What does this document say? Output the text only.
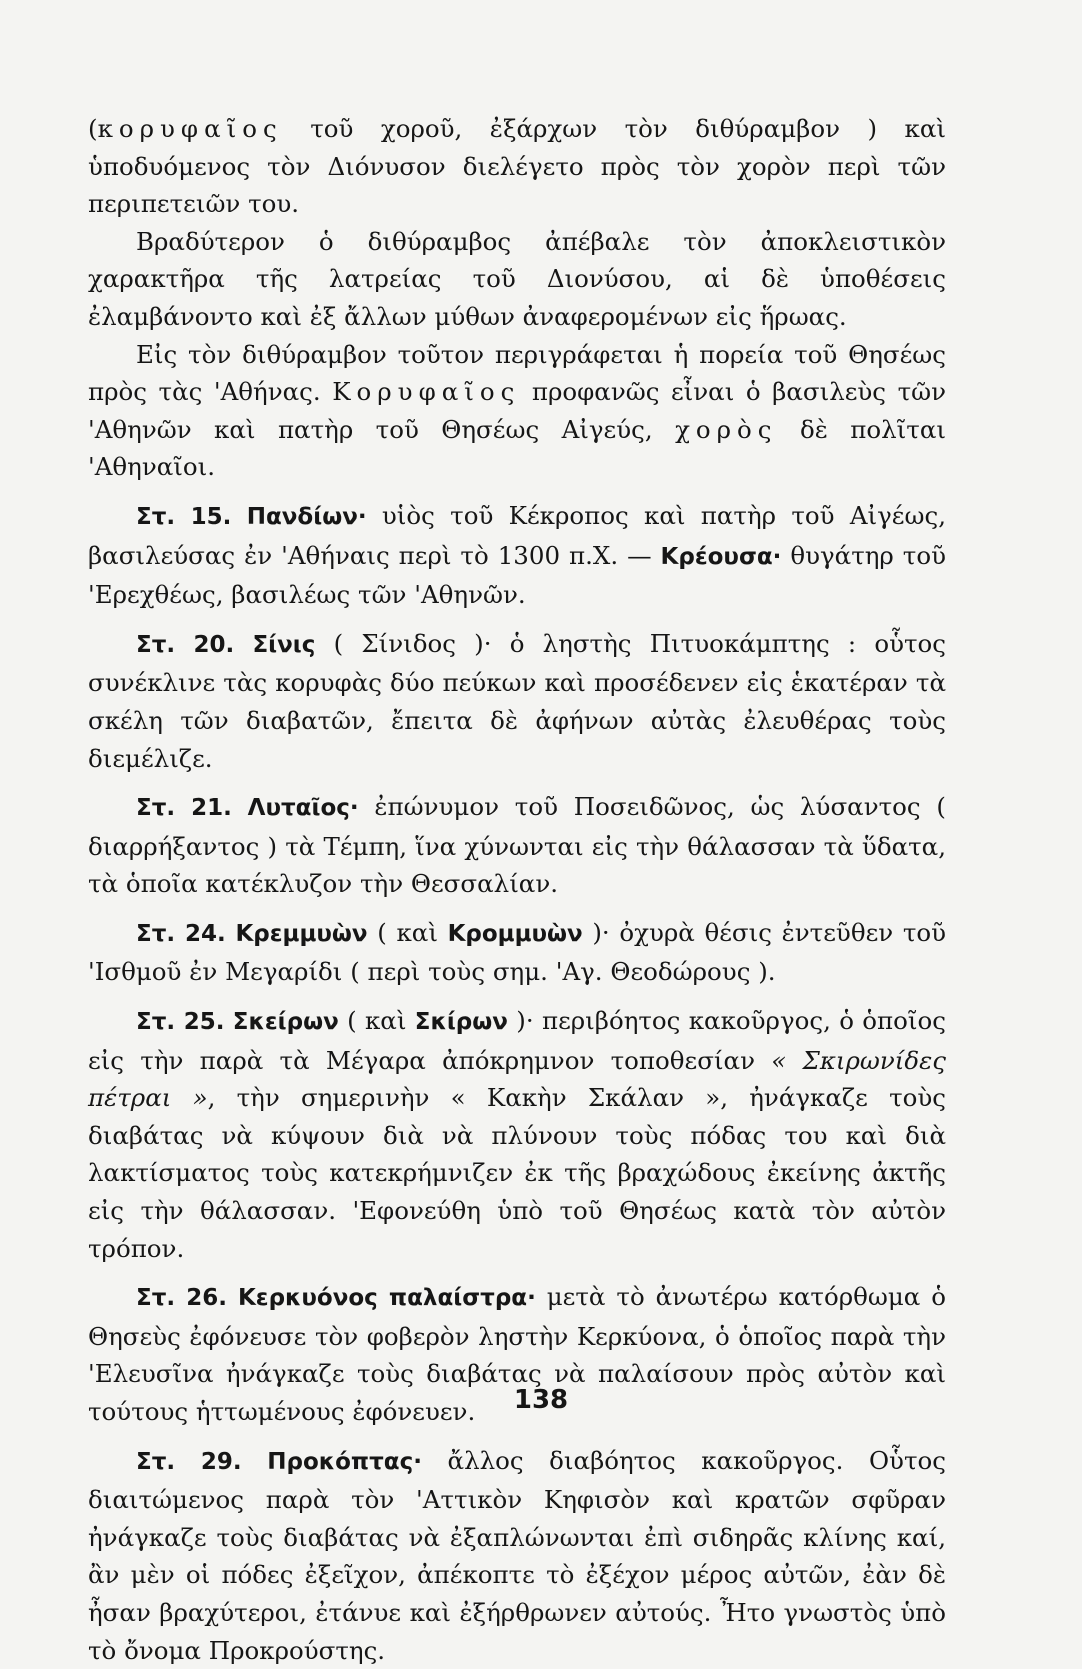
(κορυφαῖος τοῦ χοροῦ, ἐξάρχων τὸν διθύραμβον ) καὶ ὑποδυόμενος τὸν Διόνυσον διελέγετο πρὸς τὸν χορὸν περὶ τῶν περιπετειῶν του.

Βραδύτερον ὁ διθύραμβος ἀπέβαλε τὸν ἀποκλειστικὸν χαρακτῆρα τῆς λατρείας τοῦ Διονύσου, αἱ δὲ ὑποθέσεις ἐλαμβάνοντο καὶ ἐξ ἄλλων μύθων ἀναφερομένων εἰς ἥρωας.

Εἰς τὸν διθύραμβον τοῦτον περιγράφεται ἡ πορεία τοῦ Θησέως πρὸς τὰς 'Αθήνας. Κορυφαῖος προφανῶς εἶναι ὁ βασιλεὺς τῶν 'Αθηνῶν καὶ πατὴρ τοῦ Θησέως Αἰγεύς, χορὸς δὲ πολῖται 'Αθηναῖοι.

Στ. 15. Πανδίων· υἱὸς τοῦ Κέκροπος καὶ πατὴρ τοῦ Αἰγέως, βασιλεύσας ἐν 'Αθήναις περὶ τὸ 1300 π.Χ. — Κρέουσα· θυγάτηρ τοῦ 'Ερεχθέως, βασιλέως τῶν 'Αθηνῶν.

Στ. 20. Σίνις ( Σίνιδος )· ὁ ληστὴς Πιτυοκάμπτης : οὗτος συνέκλινε τὰς κορυφὰς δύο πεύκων καὶ προσέδενεν εἰς ἑκατέραν τὰ σκέλη τῶν διαβατῶν, ἔπειτα δὲ ἀφήνων αὐτὰς ἐλευθέρας τοὺς διεμέλιζε.

Στ. 21. Λυταῖος· ἐπώνυμον τοῦ Ποσειδῶνος, ὡς λύσαντος ( διαρρήξαντος ) τὰ Τέμπη, ἵνα χύνωνται εἰς τὴν θάλασσαν τὰ ὕδατα, τὰ ὁποῖα κατέκλυζον τὴν Θεσσαλίαν.

Στ. 24. Κρεμμυὼν ( καὶ Κρομμυὼν )· ὀχυρὰ θέσις ἐντεῦθεν τοῦ 'Ισθμοῦ ἐν Μεγαρίδι ( περὶ τοὺς σημ. 'Αγ. Θεοδώρους ).

Στ. 25. Σκείρων ( καὶ Σκίρων )· περιβόητος κακοῦργος, ὁ ὁποῖος εἰς τὴν παρὰ τὰ Μέγαρα ἀπόκρημνον τοποθεσίαν « Σκιρωνίδες πέτραι », τὴν σημερινὴν « Κακὴν Σκάλαν », ἠνάγκαζε τοὺς διαβάτας νὰ κύψουν διὰ νὰ πλύνουν τοὺς πόδας του καὶ διὰ λακτίσματος τοὺς κατεκρήμνιζεν ἐκ τῆς βραχώδους ἐκείνης ἀκτῆς εἰς τὴν θάλασσαν. 'Εφονεύθη ὑπὸ τοῦ Θησέως κατὰ τὸν αὐτὸν τρόπον.

Στ. 26. Κερκυόνος παλαίστρα· μετὰ τὸ ἀνωτέρω κατόρθωμα ὁ Θησεὺς ἐφόνευσε τὸν φοβερὸν ληστὴν Κερκύονα, ὁ ὁποῖος παρὰ τὴν 'Ελευσῖνα ἠνάγκαζε τοὺς διαβάτας νὰ παλαίσουν πρὸς αὐτὸν καὶ τούτους ἡττωμένους ἐφόνευεν.

Στ. 29. Προκόπτας· ἄλλος διαβόητος κακοῦργος. Οὗτος διαιτώμενος παρὰ τὸν 'Αττικὸν Κηφισὸν καὶ κρατῶν σφῦραν ἠνάγκαζε τοὺς διαβάτας νὰ ἐξαπλώνωνται ἐπὶ σιδηρᾶς κλίνης καί, ἂν μὲν οἱ πόδες ἐξεῖχον, ἀπέκοπτε τὸ ἐξέχον μέρος αὐτῶν, ἐὰν δὲ ἦσαν βραχύτεροι, ἐτάνυε καὶ ἐξήρθρωνεν αὐτούς. Ἦτο γνωστὸς ὑπὸ τὸ ὄνομα Προκρούστης.

138
